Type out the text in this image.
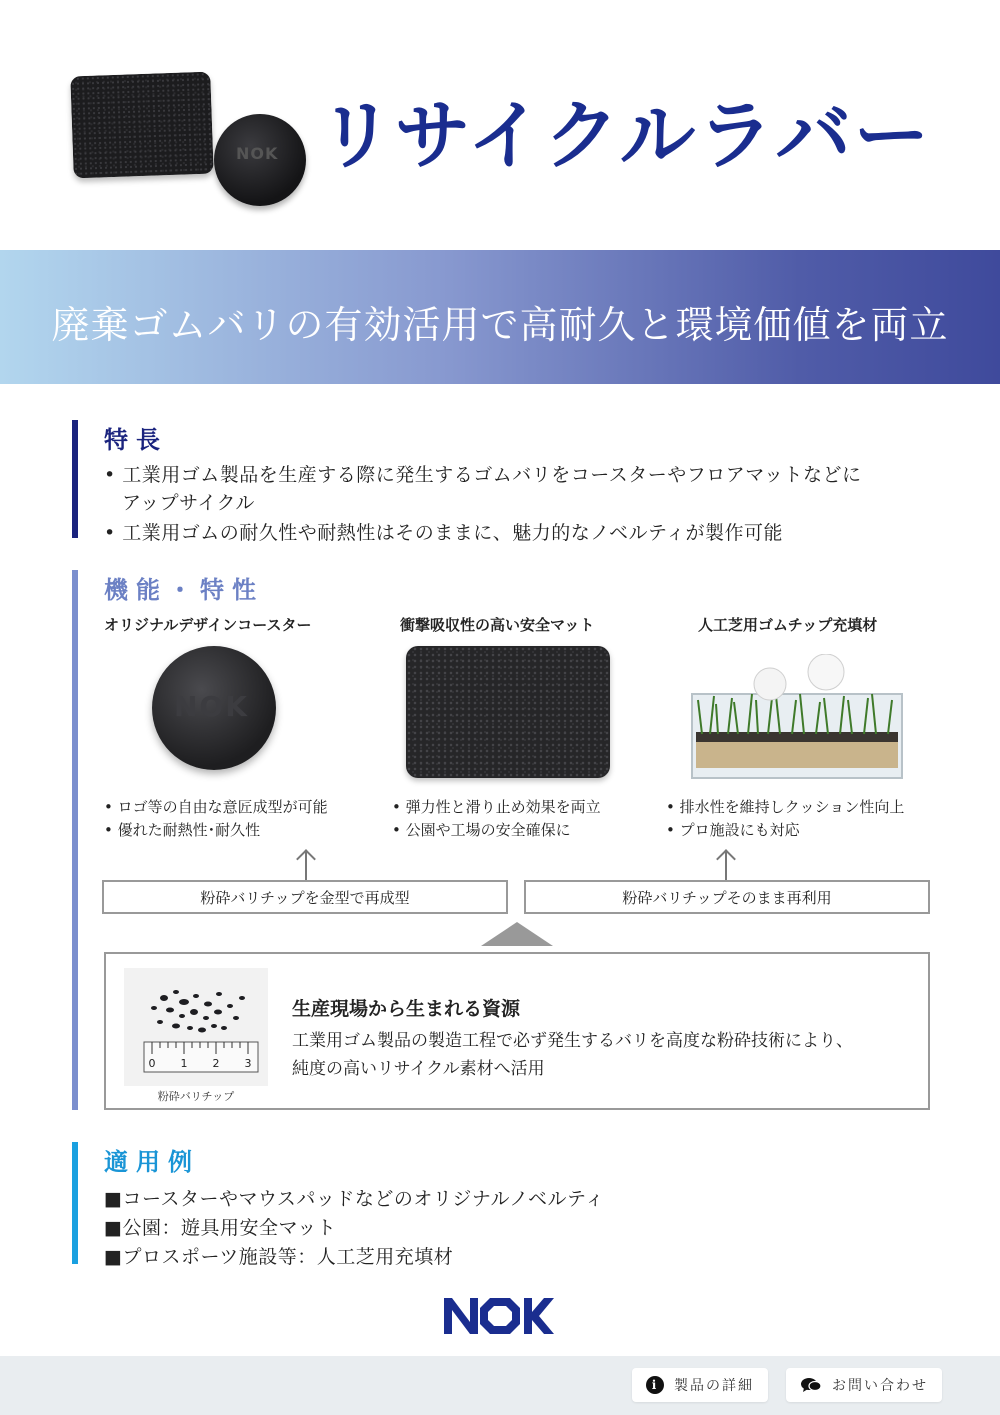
NOK リサイクルラバー
廃棄ゴムバリの有効活用で高耐久と環境価値を両立
特長
• 工業用ゴム製品を生産する際に発生するゴムバリをコースターやフロアマットなどに
アップサイクル
• 工業用ゴムの耐久性や耐熱性はそのままに、魅力的なノベルティが製作可能
機能・特性
オリジナルデザインコースター	衝撃吸収性の高い安全マット	人工芝用ゴムチップ充填材
NOK
• ロゴ等の自由な意匠成型が可能
• 優れた耐熱性･耐久性
• 弾力性と滑り止め効果を両立
• 公園や工場の安全確保に
• 排水性を維持しクッション性向上
• プロ施設にも対応
粉砕バリチップを金型で再成型	粉砕バリチップそのまま再利用
0 1 2 3
粉砕バリチップ
生産現場から生まれる資源
工業用ゴム製品の製造工程で必ず発生するバリを高度な粉砕技術により、
純度の高いリサイクル素材へ活用
適用例
■コースターやマウスパッドなどのオリジナルノベルティ
■公園：遊具用安全マット
■プロスポーツ施設等：人工芝用充填材
i	製品の詳細	お問い合わせ
